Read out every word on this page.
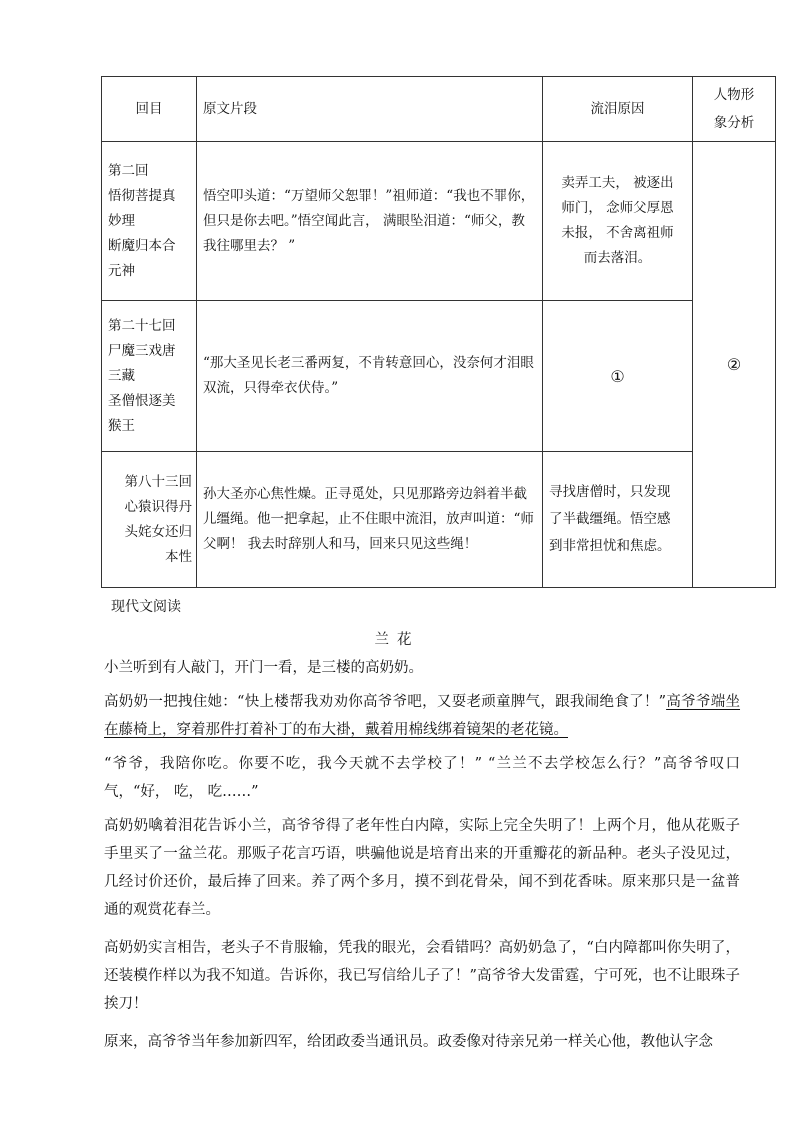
回目	原文片段	流泪原因	人物形
象分析
第二回
悟彻菩提真
妙理
断魔归本合
元神	悟空叩头道：“万望师父恕罪！”祖师道：“我也不罪你， 但只是你去吧。”悟空闻此言， 满眼坠泪道：“师父，教我往哪里去？ ”	卖弄工夫， 被逐出
师门， 念师父厚恩
未报， 不舍离祖师
而去落泪。	②
第二十七回
尸魔三戏唐
三藏
圣僧恨逐美
猴王	“那大圣见长老三番两复，不肯转意回心，没奈何才泪眼双流，只得牵衣伏侍。”	①	
第八十三回
心猿识得丹
头姹女还归
本性	孙大圣亦心焦性燥。正寻觅处，只见那路旁边斜着半截儿缰绳。他一把拿起，止不住眼中流泪，放声叫道：“师父啊！ 我去时辞别人和马，回来只见这些绳！	寻找唐僧时，只发现
了半截缰绳。悟空感
到非常担忧和焦虑。	
现代文阅读
兰花
小兰听到有人敲门，开门一看，是三楼的高奶奶。
高奶奶一把拽住她：“快上楼帮我劝劝你高爷爷吧，又耍老顽童脾气，跟我闹绝食了！”高爷爷端坐在藤椅上，穿着那件打着补丁的布大褂，戴着用棉线绑着镜架的老花镜。
“爷爷，我陪你吃。你要不吃，我今天就不去学校了！” “兰兰不去学校怎么行？”高爷爷叹口气，“好， 吃， 吃……”
高奶奶噙着泪花告诉小兰，高爷爷得了老年性白内障，实际上完全失明了！上两个月，他从花贩子手里买了一盆兰花。那贩子花言巧语，哄骗他说是培育出来的开重瓣花的新品种。老头子没见过，几经讨价还价，最后捧了回来。养了两个多月，摸不到花骨朵，闻不到花香味。原来那只是一盆普通的观赏花春兰。
高奶奶实言相告，老头子不肯服输，凭我的眼光，会看错吗？高奶奶急了，“白内障都叫你失明了，还装模作样以为我不知道。告诉你，我已写信给儿子了！”高爷爷大发雷霆，宁可死，也不让眼珠子挨刀！
原来，高爷爷当年参加新四军，给团政委当通讯员。政委像对待亲兄弟一样关心他，教他认字念
